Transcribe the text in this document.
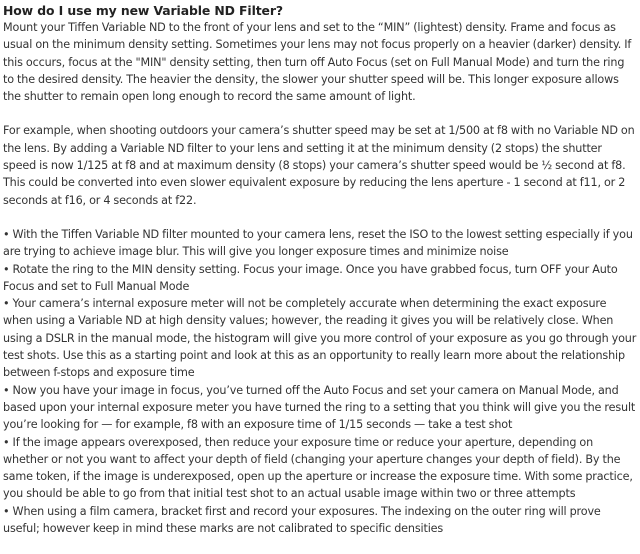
How do I use my new Variable ND Filter?

Mount your Tiffen Variable ND to the front of your lens and set to the “MIN” (lightest) density. Frame and focus as usual on the minimum density setting. Sometimes your lens may not focus properly on a heavier (darker) density. If this occurs, focus at the "MIN" density setting, then turn off Auto Focus (set on Full Manual Mode) and turn the ring to the desired density. The heavier the density, the slower your shutter speed will be. This longer exposure allows the shutter to remain open long enough to record the same amount of light.

For example, when shooting outdoors your camera’s shutter speed may be set at 1/500 at f8 with no Variable ND on the lens. By adding a Variable ND filter to your lens and setting it at the minimum density (2 stops) the shutter speed is now 1/125 at f8 and at maximum density (8 stops) your camera’s shutter speed would be ½ second at f8. This could be converted into even slower equivalent exposure by reducing the lens aperture - 1 second at f11, or 2 seconds at f16, or 4 seconds at f22.

• With the Tiffen Variable ND filter mounted to your camera lens, reset the ISO to the lowest setting especially if you are trying to achieve image blur. This will give you longer exposure times and minimize noise
• Rotate the ring to the MIN density setting. Focus your image. Once you have grabbed focus, turn OFF your Auto Focus and set to Full Manual Mode
• Your camera’s internal exposure meter will not be completely accurate when determining the exact exposure when using a Variable ND at high density values; however, the reading it gives you will be relatively close. When using a DSLR in the manual mode, the histogram will give you more control of your exposure as you go through your test shots. Use this as a starting point and look at this as an opportunity to really learn more about the relationship between f-stops and exposure time
• Now you have your image in focus, you’ve turned off the Auto Focus and set your camera on Manual Mode, and based upon your internal exposure meter you have turned the ring to a setting that you think will give you the result you’re looking for — for example, f8 with an exposure time of 1/15 seconds — take a test shot
• If the image appears overexposed, then reduce your exposure time or reduce your aperture, depending on whether or not you want to affect your depth of field (changing your aperture changes your depth of field). By the same token, if the image is underexposed, open up the aperture or increase the exposure time. With some practice, you should be able to go from that initial test shot to an actual usable image within two or three attempts
• When using a film camera, bracket first and record your exposures. The indexing on the outer ring will prove useful; however keep in mind these marks are not calibrated to specific densities
